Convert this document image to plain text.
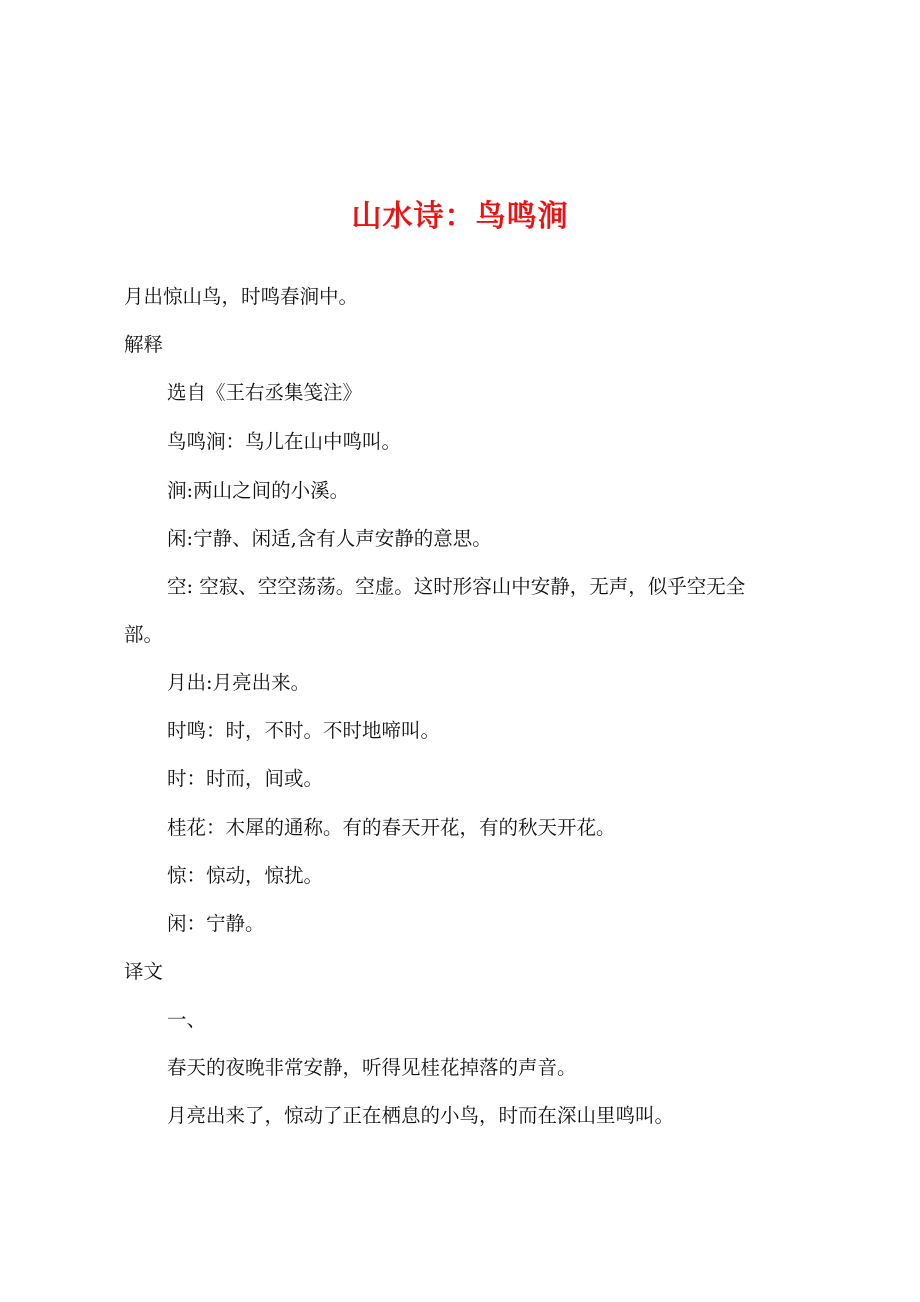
山水诗：鸟鸣涧
月出惊山鸟，时鸣春涧中。
解释
选自《王右丞集笺注》
鸟鸣涧：鸟儿在山中鸣叫。
涧:两山之间的小溪。
闲:宁静、闲适,含有人声安静的意思。
空: 空寂、空空荡荡。空虚。这时形容山中安静，无声，似乎空无全
部。
月出:月亮出来。
时鸣：时，不时。不时地啼叫。
时：时而，间或。
桂花：木犀的通称。有的春天开花，有的秋天开花。
惊：惊动，惊扰。
闲：宁静。
译文
一、
春天的夜晚非常安静，听得见桂花掉落的声音。
月亮出来了，惊动了正在栖息的小鸟，时而在深山里鸣叫。
